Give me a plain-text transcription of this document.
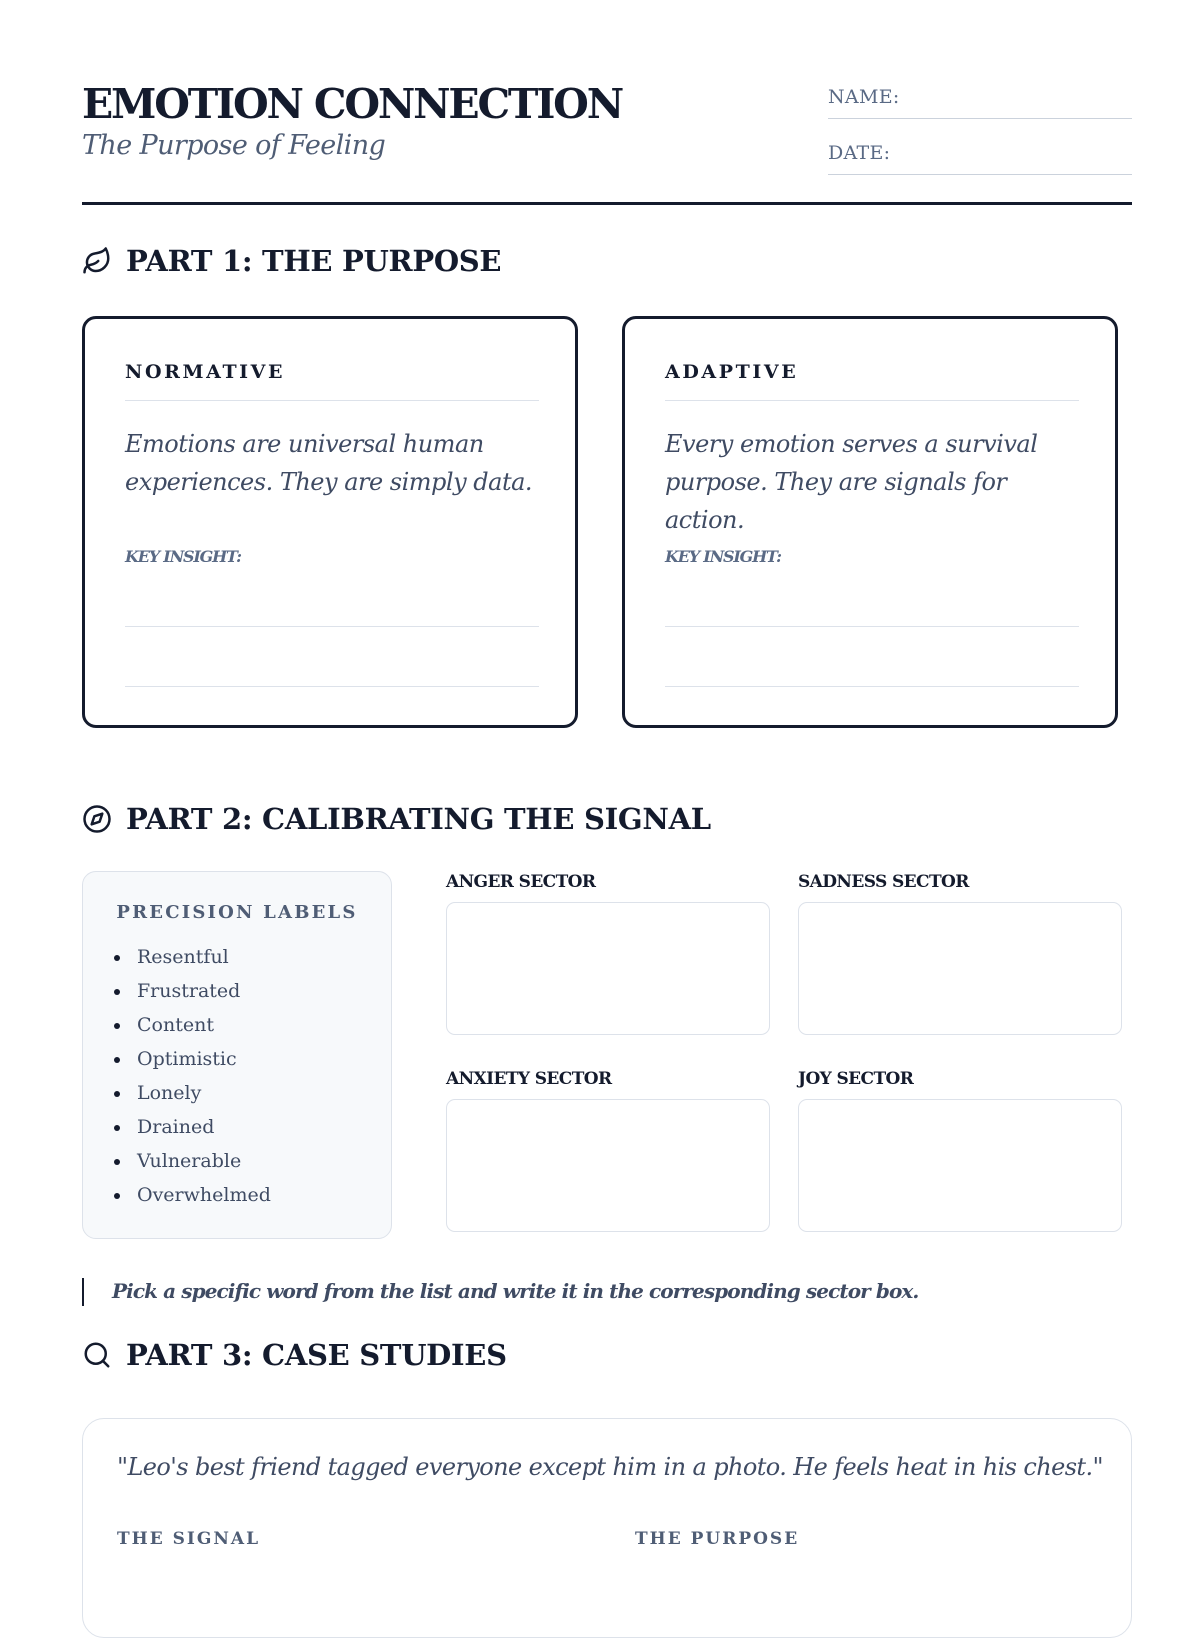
EMOTION CONNECTION
The Purpose of Feeling
NAME:
DATE:
PART 1: THE PURPOSE
NORMATIVE
Emotions are universal human experiences. They are simply data.
KEY INSIGHT:
ADAPTIVE
Every emotion serves a survival purpose. They are signals for action.
KEY INSIGHT:
PART 2: CALIBRATING THE SIGNAL
PRECISION LABELS
Resentful
Frustrated
Content
Optimistic
Lonely
Drained
Vulnerable
Overwhelmed
ANGER SECTOR	SADNESS SECTOR
ANXIETY SECTOR	JOY SECTOR
Pick a specific word from the list and write it in the corresponding sector box.
PART 3: CASE STUDIES
"Leo's best friend tagged everyone except him in a photo. He feels heat in his chest."
THE SIGNAL	THE PURPOSE
